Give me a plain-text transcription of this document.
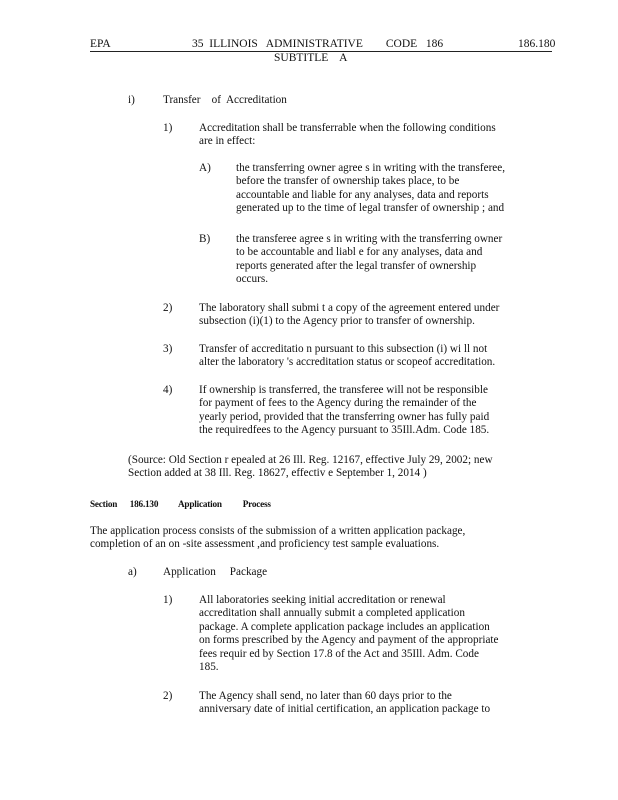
EPA	35  ILLINOIS   ADMINISTRATIVE        CODE   186	186.180
SUBTITLE    A
i)	Transfer    of  Accreditation
1) Accreditation shall be transferrable when the following conditions
are in effect:
A) the transferring owner agree s in writing with the transferee,
before the transfer of ownership takes place, to be
accountable and liable for any analyses, data and reports
generated up to the time of legal transfer of ownership ; and
B) the transferee agree s in writing with the transferring owner
to be accountable and liabl e for any analyses, data and
reports generated after the legal transfer of ownership
occurs.
2) The laboratory shall submi t a copy of the agreement entered under
subsection (i)(1) to the Agency prior to transfer of ownership.
3) Transfer of accreditatio n pursuant to this subsection (i) wi ll not
alter the laboratory 's accreditation status or scopeof accreditation.
4) If ownership is transferred, the transferee will not be responsible
for payment of fees to the Agency during the remainder of the
yearly period, provided that the transferring owner has fully paid
the requiredfees to the Agency pursuant to 35Ill.Adm. Code 185.
(Source: Old Section r epealed at 26 Ill. Reg. 12167, effective July 29, 2002; new
Section added at 38 Ill. Reg. 18627, effectiv e September 1, 2014 )
Section      186.130 Application          Process
The application process consists of the submission of a written application package,
completion of an on -site assessment ,and proficiency test sample evaluations.
a) Application     Package
1) All laboratories seeking initial accreditation or renewal
accreditation shall annually submit a completed application
package. A complete application package includes an application
on forms prescribed by the Agency and payment of the appropriate
fees requir ed by Section 17.8 of the Act and 35Ill. Adm. Code
185.
2) The Agency shall send, no later than 60 days prior to the
anniversary date of initial certification, an application package to
